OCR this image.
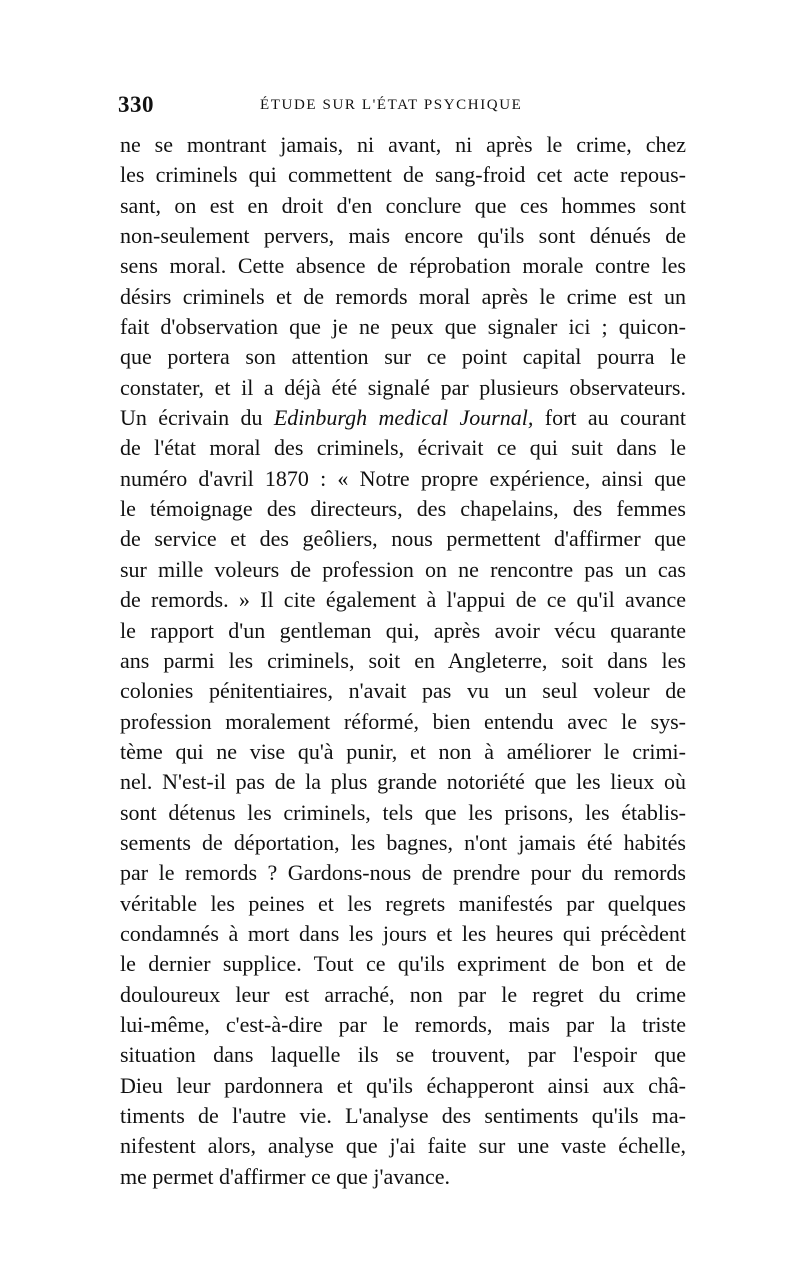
330	ÉTUDE SUR L'ÉTAT PSYCHIQUE
ne se montrant jamais, ni avant, ni après le crime, chez
les criminels qui commettent de sang-froid cet acte repous-
sant, on est en droit d'en conclure que ces hommes sont
non-seulement pervers, mais encore qu'ils sont dénués de
sens moral. Cette absence de réprobation morale contre les
désirs criminels et de remords moral après le crime est un
fait d'observation que je ne peux que signaler ici ; quicon-
que portera son attention sur ce point capital pourra le
constater, et il a déjà été signalé par plusieurs observateurs.
Un écrivain du Edinburgh medical Journal, fort au courant
de l'état moral des criminels, écrivait ce qui suit dans le
numéro d'avril 1870 : « Notre propre expérience, ainsi que
le témoignage des directeurs, des chapelains, des femmes
de service et des geôliers, nous permettent d'affirmer que
sur mille voleurs de profession on ne rencontre pas un cas
de remords. » Il cite également à l'appui de ce qu'il avance
le rapport d'un gentleman qui, après avoir vécu quarante
ans parmi les criminels, soit en Angleterre, soit dans les
colonies pénitentiaires, n'avait pas vu un seul voleur de
profession moralement réformé, bien entendu avec le sys-
tème qui ne vise qu'à punir, et non à améliorer le crimi-
nel. N'est-il pas de la plus grande notoriété que les lieux où
sont détenus les criminels, tels que les prisons, les établis-
sements de déportation, les bagnes, n'ont jamais été habités
par le remords ? Gardons-nous de prendre pour du remords
véritable les peines et les regrets manifestés par quelques
condamnés à mort dans les jours et les heures qui précèdent
le dernier supplice. Tout ce qu'ils expriment de bon et de
douloureux leur est arraché, non par le regret du crime
lui-même, c'est-à-dire par le remords, mais par la triste
situation dans laquelle ils se trouvent, par l'espoir que
Dieu leur pardonnera et qu'ils échapperont ainsi aux châ-
timents de l'autre vie. L'analyse des sentiments qu'ils ma-
nifestent alors, analyse que j'ai faite sur une vaste échelle,
me permet d'affirmer ce que j'avance.
